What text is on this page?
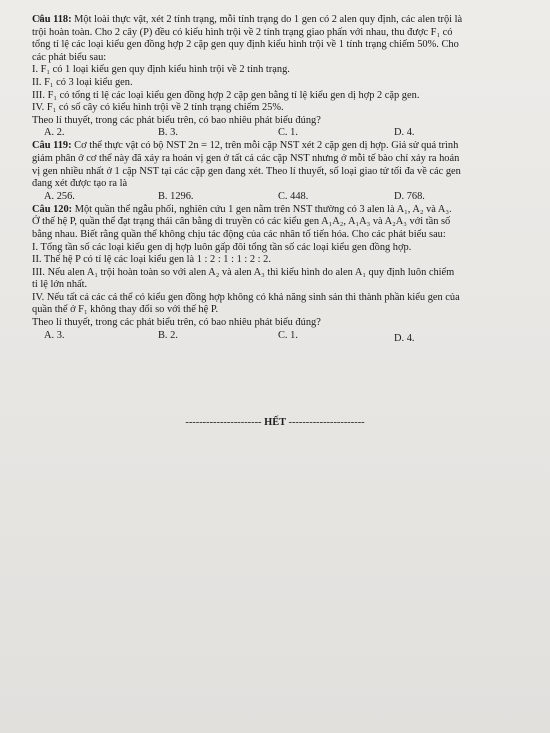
Câu 118: Một loài thực vật, xét 2 tính trạng, mỗi tính trạng do 1 gen có 2 alen quy định, các alen trội là

trội hoàn toàn. Cho 2 cây (P) đều có kiểu hình trội về 2 tính trạng giao phấn với nhau, thu được F₁ có

tổng tỉ lệ các loại kiểu gen đồng hợp 2 cặp gen quy định kiểu hình trội về 1 tính trạng chiếm 50%. Cho

các phát biểu sau:

I. F₁ có 1 loại kiểu gen quy định kiểu hình trội về 2 tính trạng.

II. F₁ có 3 loại kiểu gen.

III. F₁ có tổng tỉ lệ các loại kiểu gen đồng hợp 2 cặp gen bằng tỉ lệ kiểu gen dị hợp 2 cặp gen.

IV. F₁ có số cây có kiểu hình trội về 2 tính trạng chiếm 25%.

Theo lí thuyết, trong các phát biểu trên, có bao nhiêu phát biểu đúng?

A. 2.	B. 3.	C. 1.	D. 4.

Câu 119: Cơ thể thực vật có bộ NST 2n = 12, trên mỗi cặp NST xét 2 cặp gen dị hợp. Giả sử quá trình

giảm phân ở cơ thể này đã xảy ra hoán vị gen ở tất cả các cặp NST nhưng ở mỗi tế bào chỉ xảy ra hoán

vị gen nhiều nhất ở 1 cặp NST tại các cặp gen đang xét. Theo lí thuyết, số loại giao tử tối đa về các gen

đang xét được tạo ra là

A. 256.	B. 1296.	C. 448.	D. 768.

Câu 120: Một quần thể ngẫu phối, nghiên cứu 1 gen nằm trên NST thường có 3 alen là A₁, A₂ và A₃.

Ở thế hệ P, quần thể đạt trạng thái cân bằng di truyền có các kiểu gen A₁A₂, A₁A₃ và A₂A₃ với tần số

bằng nhau. Biết rằng quần thể không chịu tác động của các nhân tố tiến hóa. Cho các phát biểu sau:

I. Tổng tần số các loại kiểu gen dị hợp luôn gấp đôi tổng tần số các loại kiểu gen đồng hợp.

II. Thế hệ P có tỉ lệ các loại kiểu gen là 1 : 2 : 1 : 1 : 2 : 2.

III. Nếu alen A₁ trội hoàn toàn so với alen A₂ và alen A₃ thì kiểu hình do alen A₁ quy định luôn chiếm

tỉ lệ lớn nhất.

IV. Nếu tất cả các cá thể có kiểu gen đồng hợp không có khả năng sinh sản thì thành phần kiểu gen của

quần thể ở F₁ không thay đổi so với thế hệ P.

Theo lí thuyết, trong các phát biểu trên, có bao nhiêu phát biểu đúng?

A. 3.	B. 2.	C. 1.	D. 4.
---------------------- HẾT ----------------------
